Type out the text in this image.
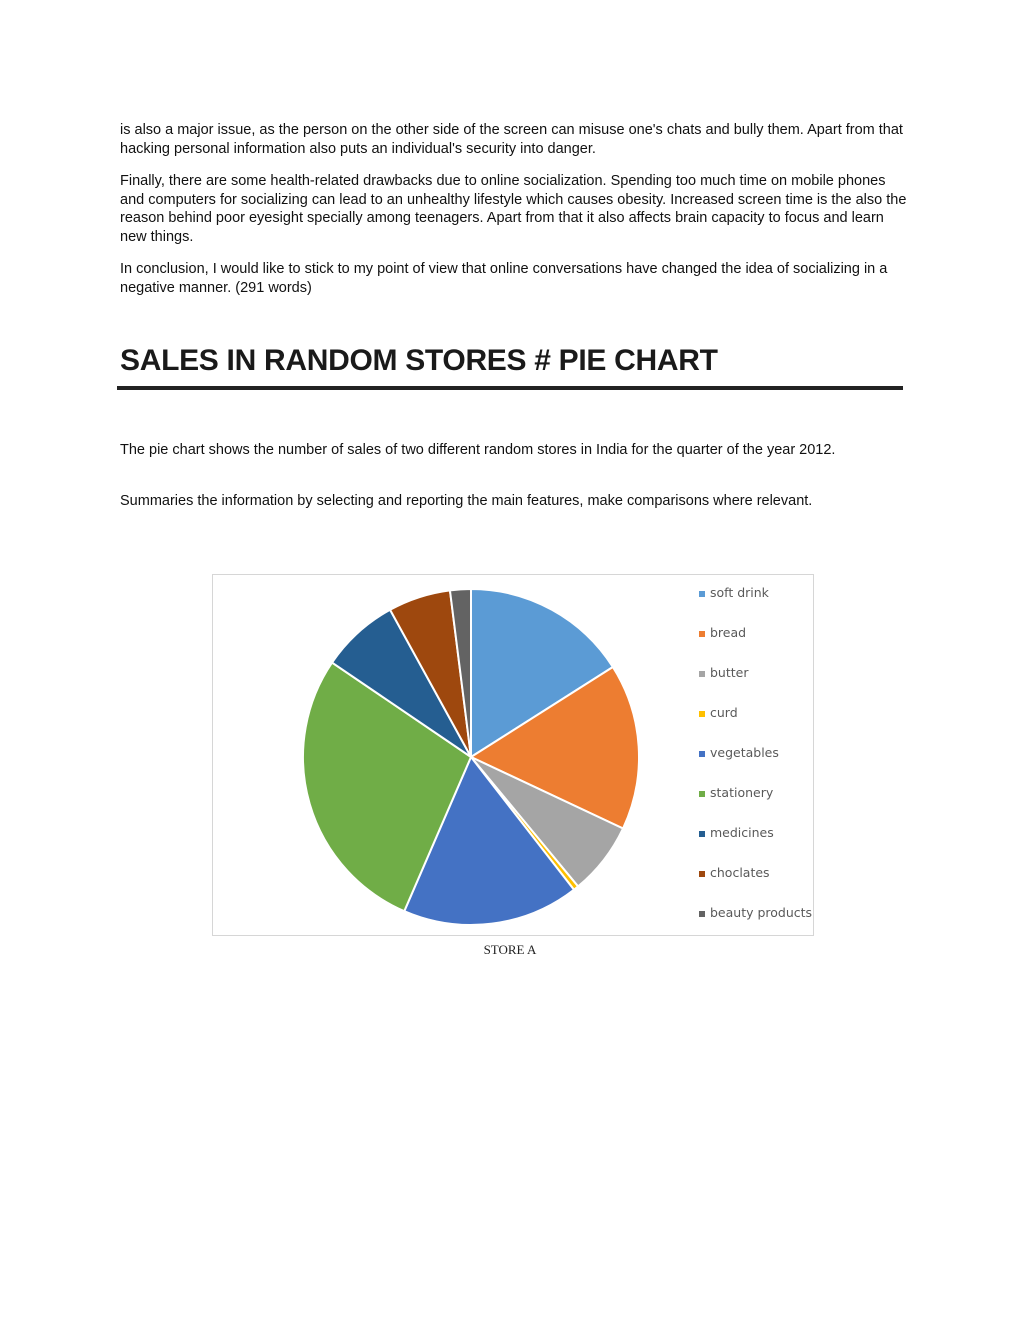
is also a major issue, as the person on the other side of the screen can misuse one's chats and bully them. Apart from that hacking personal information also puts an individual's security into danger.

Finally, there are some health-related drawbacks due to online socialization. Spending too much time on mobile phones and computers for socializing can lead to an unhealthy lifestyle which causes obesity. Increased screen time is the also the reason behind poor eyesight specially among teenagers. Apart from that it also affects brain capacity to focus and learn new things.

In conclusion, I would like to stick to my point of view that online conversations have changed the idea of socializing in a negative manner. (291 words)

SALES IN RANDOM STORES # PIE CHART

The pie chart shows the number of sales of two different random stores in India for the quarter of the year 2012.

Summaries the information by selecting and reporting the main features, make comparisons where relevant.

soft drink
bread
butter
curd
vegetables
stationery
medicines
choclates
beauty products
STORE A
